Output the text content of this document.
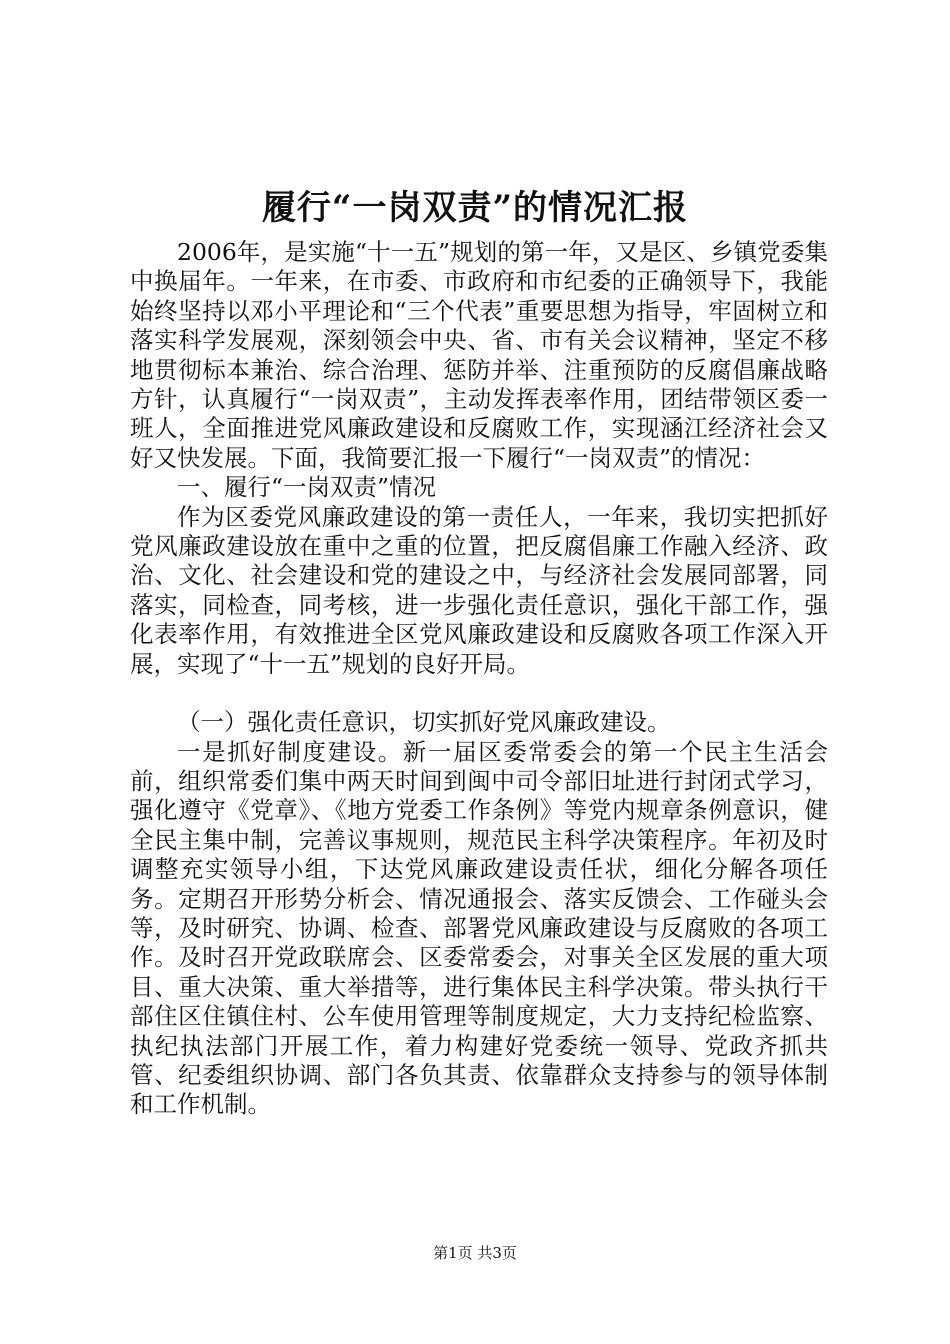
履行“一岗双责”的情况汇报

2006年，是实施“十一五”规划的第一年，又是区、乡镇党委集中换届年。一年来，在市委、市政府和市纪委的正确领导下，我能始终坚持以邓小平理论和“三个代表”重要思想为指导，牢固树立和落实科学发展观，深刻领会中央、省、市有关会议精神，坚定不移地贯彻标本兼治、综合治理、惩防并举、注重预防的反腐倡廉战略方针，认真履行“一岗双责”，主动发挥表率作用，团结带领区委一班人，全面推进党风廉政建设和反腐败工作，实现涵江经济社会又好又快发展。下面，我简要汇报一下履行“一岗双责”的情况：

一、履行“一岗双责”情况

作为区委党风廉政建设的第一责任人，一年来，我切实把抓好党风廉政建设放在重中之重的位置，把反腐倡廉工作融入经济、政治、文化、社会建设和党的建设之中，与经济社会发展同部署，同落实，同检查，同考核，进一步强化责任意识，强化干部工作，强化表率作用，有效推进全区党风廉政建设和反腐败各项工作深入开展，实现了“十一五”规划的良好开局。

（一）强化责任意识，切实抓好党风廉政建设。

一是抓好制度建设。新一届区委常委会的第一个民主生活会前，组织常委们集中两天时间到闽中司令部旧址进行封闭式学习，强化遵守《党章》、《地方党委工作条例》等党内规章条例意识，健全民主集中制，完善议事规则，规范民主科学决策程序。年初及时调整充实领导小组，下达党风廉政建设责任状，细化分解各项任务。定期召开形势分析会、情况通报会、落实反馈会、工作碰头会等，及时研究、协调、检查、部署党风廉政建设与反腐败的各项工作。及时召开党政联席会、区委常委会，对事关全区发展的重大项目、重大决策、重大举措等，进行集体民主科学决策。带头执行干部住区住镇住村、公车使用管理等制度规定，大力支持纪检监察、执纪执法部门开展工作，着力构建好党委统一领导、党政齐抓共管、纪委组织协调、部门各负其责、依靠群众支持参与的领导体制和工作机制。

第1页 共3页
